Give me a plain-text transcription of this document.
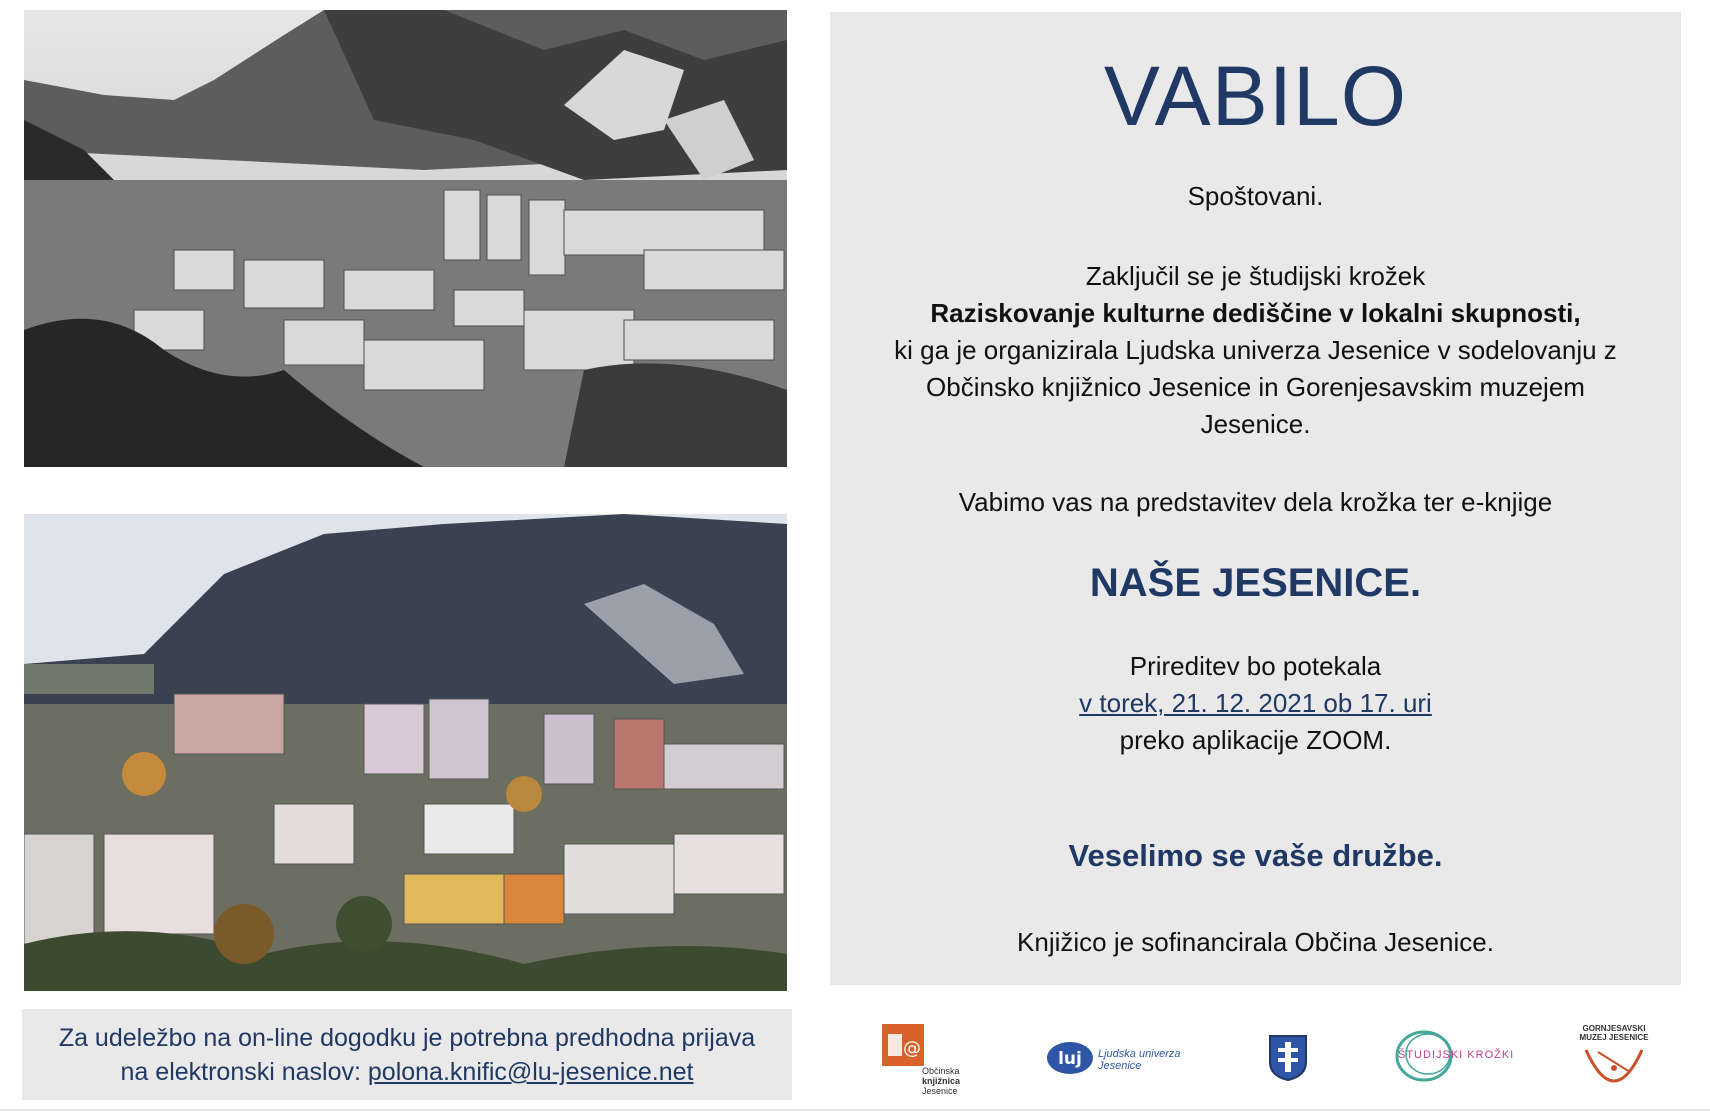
Za udeležbo na on-line dogodku je potrebna predhodna prijava
na elektronski naslov: polona.knific@lu-jesenice.net
VABILO
Spoštovani.
Zaključil se je študijski krožek
Raziskovanje kulturne dediščine v lokalni skupnosti,
ki ga je organizirala Ljudska univerza Jesenice v sodelovanju z
Občinsko knjižnico Jesenice in Gorenjesavskim muzejem
Jesenice.
Vabimo vas na predstavitev dela krožka ter e-knjige
NAŠE JESENICE.
Prireditev bo potekala
v torek, 21. 12. 2021 ob 17. uri
preko aplikacije ZOOM.
Veselimo se vaše družbe.
Knjižico je sofinancirala Občina Jesenice.
@
Občinska
knjižnica
Jesenice
luj Ljudska univerza
Jesenice
ŠTUDIJSKI KROŽKI
GORNJESAVSKI
MUZEJ JESENICE
